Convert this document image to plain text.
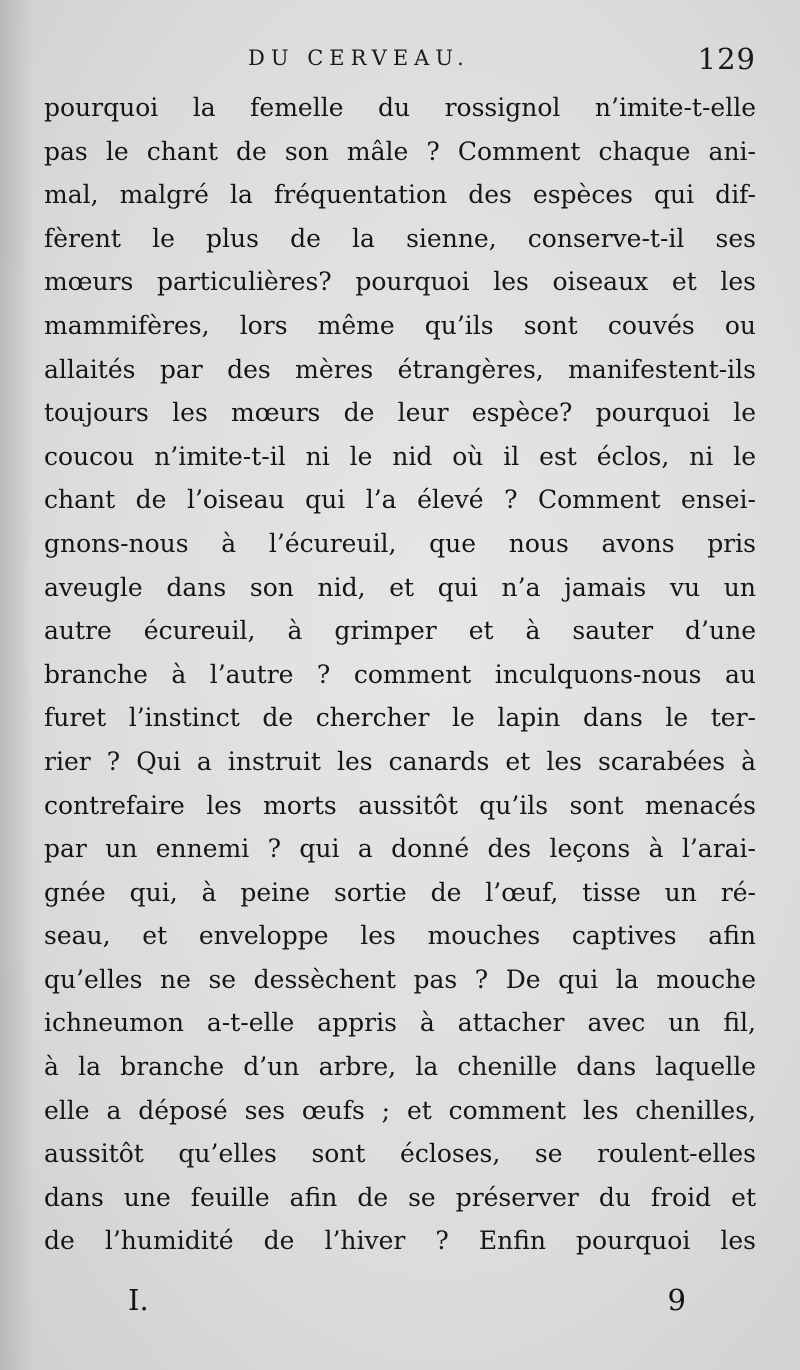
DU CERVEAU.	129
pourquoi la femelle du rossignol n’imite-t-elle
pas le chant de son mâle ? Comment chaque ani-
mal, malgré la fréquentation des espèces qui dif-
fèrent le plus de la sienne, conserve-t-il ses
mœurs particulières? pourquoi les oiseaux et les
mammifères, lors même qu’ils sont couvés ou
allaités par des mères étrangères, manifestent-ils
toujours les mœurs de leur espèce? pourquoi le
coucou n’imite-t-il ni le nid où il est éclos, ni le
chant de l’oiseau qui l’a élevé ? Comment ensei-
gnons-nous à l’écureuil, que nous avons pris
aveugle dans son nid, et qui n’a jamais vu un
autre écureuil, à grimper et à sauter d’une
branche à l’autre ? comment inculquons-nous au
furet l’instinct de chercher le lapin dans le ter-
rier ? Qui a instruit les canards et les scarabées à
contrefaire les morts aussitôt qu’ils sont menacés
par un ennemi ? qui a donné des leçons à l’arai-
gnée qui, à peine sortie de l’œuf, tisse un ré-
seau, et enveloppe les mouches captives afin
qu’elles ne se dessèchent pas ? De qui la mouche
ichneumon a-t-elle appris à attacher avec un fil,
à la branche d’un arbre, la chenille dans laquelle
elle a déposé ses œufs ; et comment les chenilles,
aussitôt qu’elles sont écloses, se roulent-elles
dans une feuille afin de se préserver du froid et
de l’humidité de l’hiver ? Enfin pourquoi les
I.	9
